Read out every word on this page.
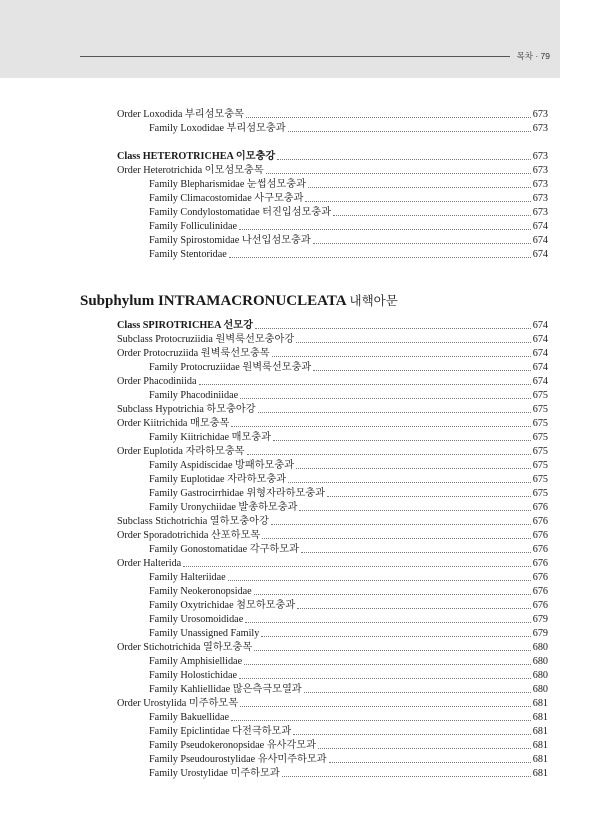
목차 · 79
Order Loxodida 부리섬모충목	673
Family Loxodidae 부리섬모충과	673
Class HETEROTRICHEA 이모충강	673
Order Heterotrichida 이모섬모충목	673
Family Blepharismidae 눈썹섬모충과	673
Family Climacostomidae 사구모충과	673
Family Condylostomatidae 터진입섬모충과	673
Family Folliculinidae	674
Family Spirostomidae 나선입섬모충과	674
Family Stentoridae	674
Subphylum INTRAMACRONUCLEATA 내핵아문
Class SPIROTRICHEA 선모강	674
Subclass Protocruziidia 원벽룩선모충아강	674
Order Protocruziida 원벽룩선모충목	674
Family Protocruziidae 원벽룩선모충과	674
Order Phacodiniida	674
Family Phacodiniidae	675
Subclass Hypotrichia 하모충아강	675
Order Kiitrichida 매모충목	675
Family Kiitrichidae 매모충과	675
Order Euplotida 자라하모충목	675
Family Aspidiscidae 방패하모충과	675
Family Euplotidae 자라하모충과	675
Family Gastrocirrhidae 위형자라하모충과	675
Family Uronychiidae 발총하모충과	676
Subclass Stichotrichia 열하모충아강	676
Order Sporadotrichida 산포하모목	676
Family Gonostomatidae 각구하모과	676
Order Halterida	676
Family Halteriidae	676
Family Neokeronopsidae	676
Family Oxytrichidae 첨모하모충과	676
Family Urosomoididae	679
Family Unassigned Family	679
Order Stichotrichida 열하모충목	680
Family Amphisiellidae	680
Family Holostichidae	680
Family Kahliellidae 많은측극모열과	680
Order Urostylida 미주하모목	681
Family Bakuellidae	681
Family Epiclintidae 다전극하모과	681
Family Pseudokeronopsidae 유사각모과	681
Family Pseudourostylidae 유사미주하모과	681
Family Urostylidae 미주하모과	681
